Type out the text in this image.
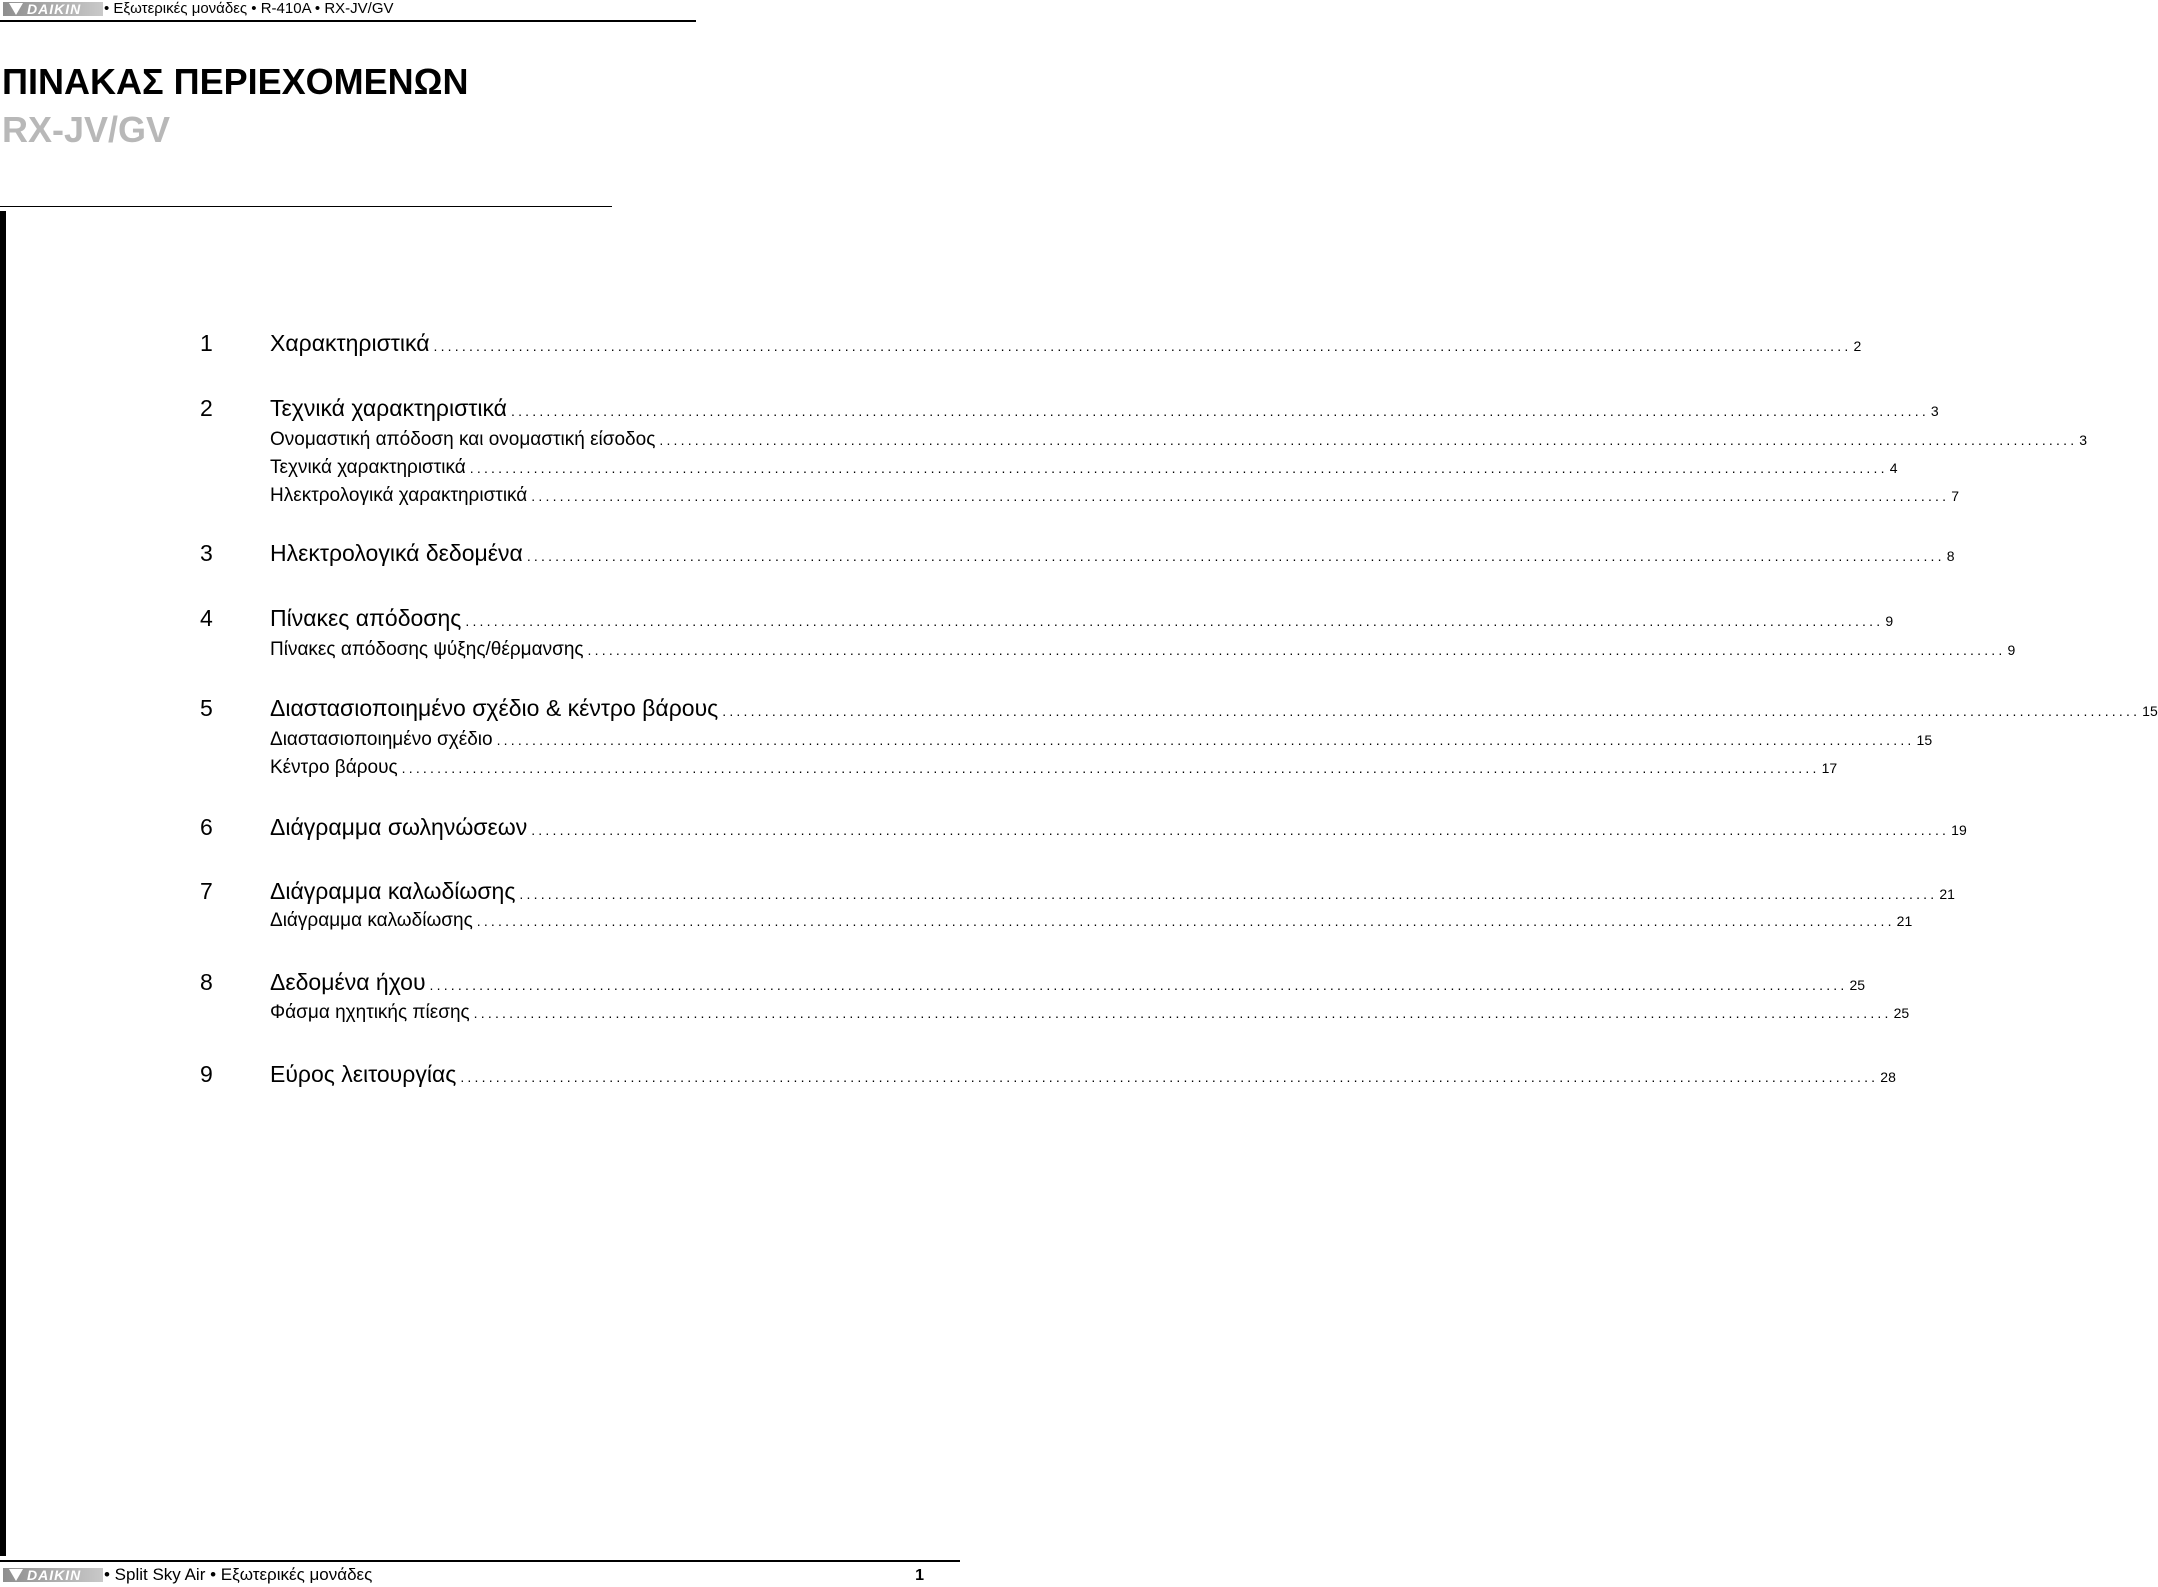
DAIKIN • Εξωτερικές μονάδες • R-410A • RX-JV/GV
ΠΙΝΑΚΑΣ ΠΕΡΙΕΧΟΜΕΝΩΝ
RX-JV/GV
1	Χαρακτηριστικά ........................................................................................................................................................................................................ 2
2	Τεχνικά χαρακτηριστικά ........................................................................................................................................................................................................ 3
Ονομαστική απόδοση και ονομαστική είσοδος ........................................................................................................................................................................................................ 3
Τεχνικά χαρακτηριστικά ........................................................................................................................................................................................................ 4
Ηλεκτρολογικά χαρακτηριστικά ........................................................................................................................................................................................................ 7
3	Ηλεκτρολογικά δεδομένα ........................................................................................................................................................................................................ 8
4	Πίνακες απόδοσης ........................................................................................................................................................................................................ 9
Πίνακες απόδοσης ψύξης/θέρμανσης ........................................................................................................................................................................................................ 9
5	Διαστασιοποιημένο σχέδιο & κέντρο βάρους ........................................................................................................................................................................................................ 15
Διαστασιοποιημένο σχέδιο ........................................................................................................................................................................................................ 15
Κέντρο βάρους ........................................................................................................................................................................................................ 17
6	Διάγραμμα σωληνώσεων ........................................................................................................................................................................................................ 19
7	Διάγραμμα καλωδίωσης ........................................................................................................................................................................................................ 21
Διάγραμμα καλωδίωσης ........................................................................................................................................................................................................ 21
8	Δεδομένα ήχου ........................................................................................................................................................................................................ 25
Φάσμα ηχητικής πίεσης ........................................................................................................................................................................................................ 25
9	Εύρος λειτουργίας ........................................................................................................................................................................................................ 28
DAIKIN • Split Sky Air • Εξωτερικές μονάδες	1
